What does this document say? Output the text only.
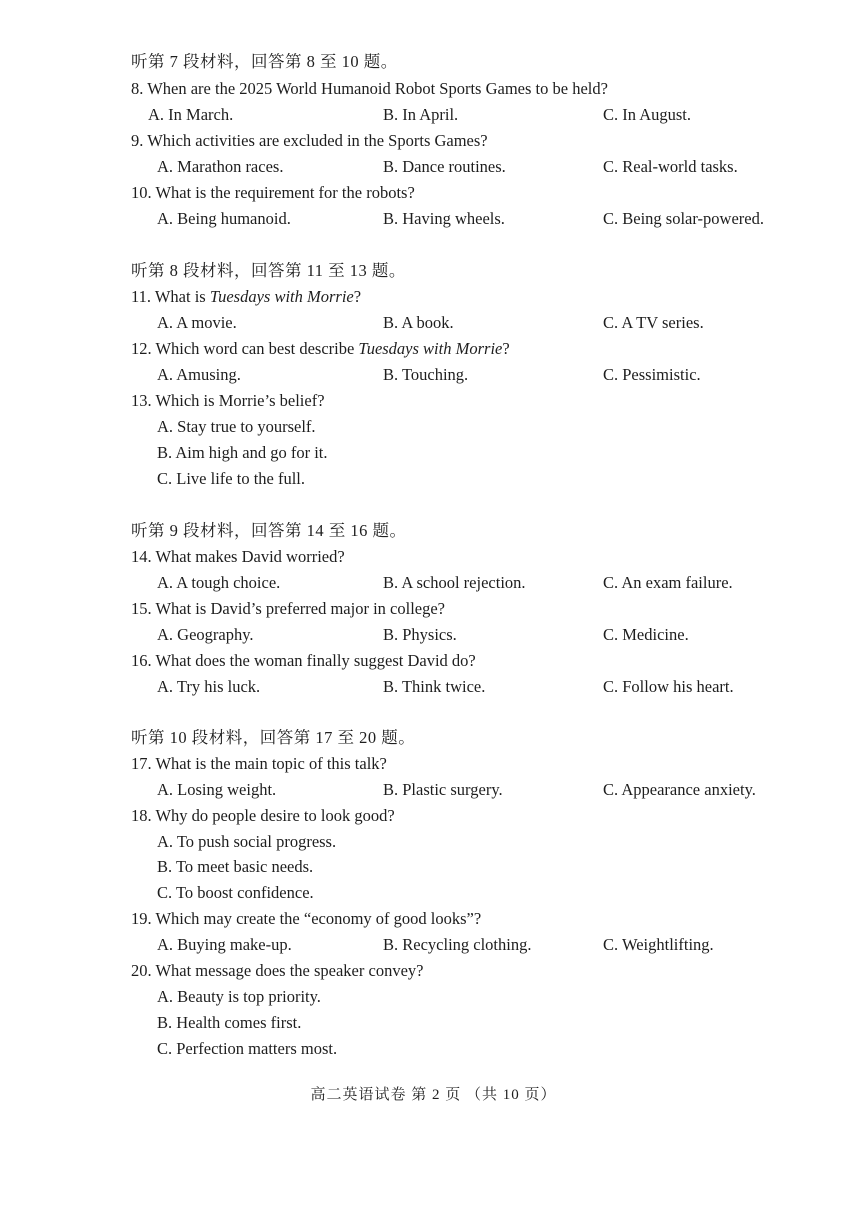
听第 7 段材料，回答第 8 至 10 题。
8. When are the 2025 World Humanoid Robot Sports Games to be held?
A. In March.	B. In April.	C. In August.
9. Which activities are excluded in the Sports Games?
A. Marathon races.	B. Dance routines.	C. Real-world tasks.
10. What is the requirement for the robots?
A. Being humanoid.	B. Having wheels.	C. Being solar-powered.
听第 8 段材料，回答第 11 至 13 题。
11. What is Tuesdays with Morrie?
A. A movie.	B. A book.	C. A TV series.
12. Which word can best describe Tuesdays with Morrie?
A. Amusing.	B. Touching.	C. Pessimistic.
13. Which is Morrie’s belief?
A. Stay true to yourself.
B. Aim high and go for it.
C. Live life to the full.
听第 9 段材料，回答第 14 至 16 题。
14. What makes David worried?
A. A tough choice.	B. A school rejection.	C. An exam failure.
15. What is David’s preferred major in college?
A. Geography.	B. Physics.	C. Medicine.
16. What does the woman finally suggest David do?
A. Try his luck.	B. Think twice.	C. Follow his heart.
听第 10 段材料，回答第 17 至 20 题。
17. What is the main topic of this talk?
A. Losing weight.	B. Plastic surgery.	C. Appearance anxiety.
18. Why do people desire to look good?
A. To push social progress.
B. To meet basic needs.
C. To boost confidence.
19. Which may create the “economy of good looks”?
A. Buying make-up.	B. Recycling clothing.	C. Weightlifting.
20. What message does the speaker convey?
A. Beauty is top priority.
B. Health comes first.
C. Perfection matters most.
高二英语试卷 第 2 页 （共 10 页）
